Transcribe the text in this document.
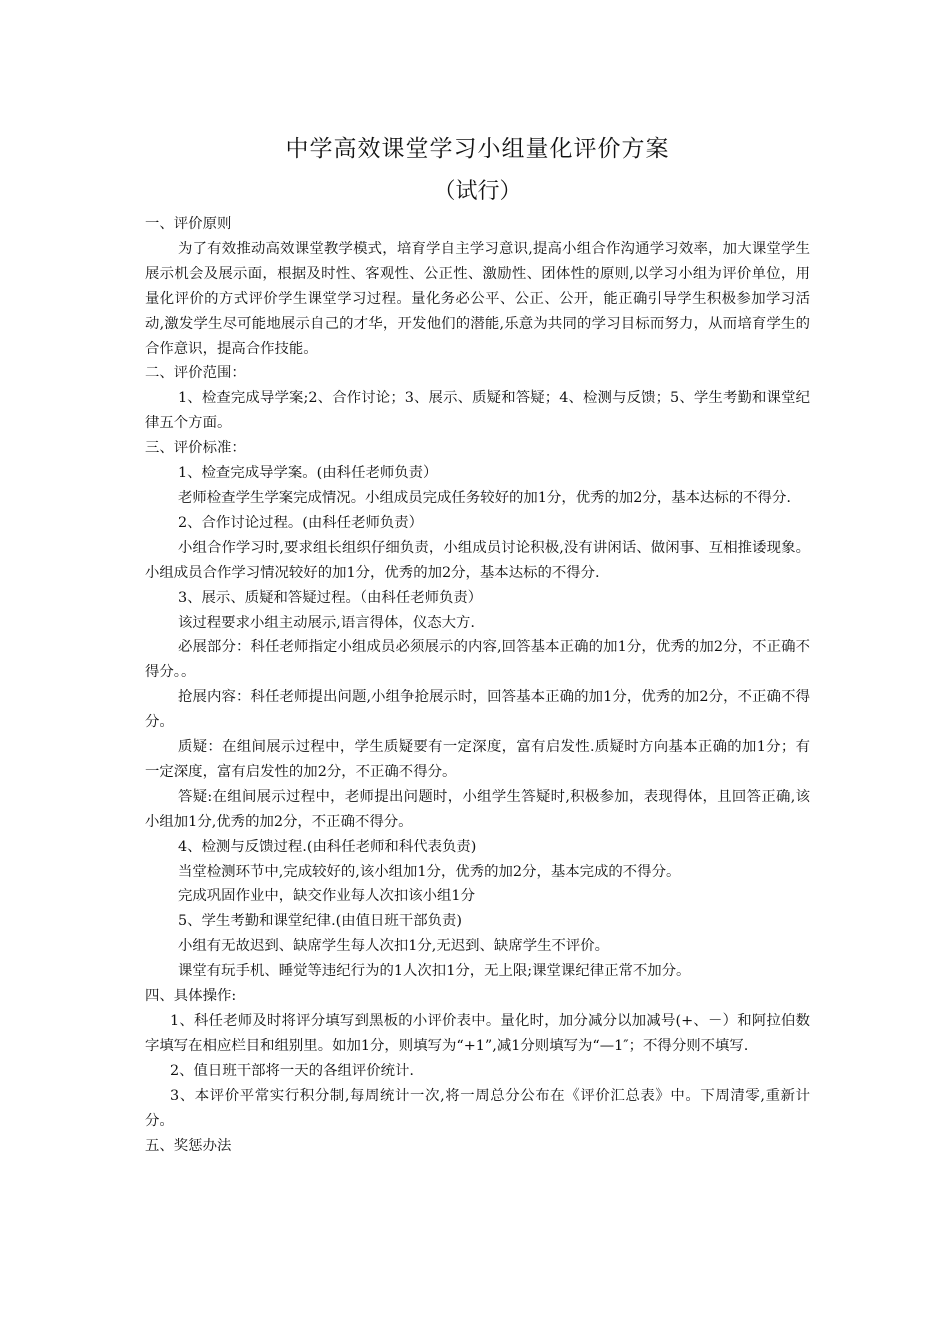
中学高效课堂学习小组量化评价方案
（试行）

一、评价原则

为了有效推动高效课堂教学模式，培育学自主学习意识,提高小组合作沟通学习效率，加大课堂学生展示机会及展示面，根据及时性、客观性、公正性、激励性、团体性的原则,以学习小组为评价单位，用量化评价的方式评价学生课堂学习过程。量化务必公平、公正、公开，能正确引导学生积极参加学习活动,激发学生尽可能地展示自己的才华，开发他们的潜能,乐意为共同的学习目标而努力，从而培育学生的合作意识，提高合作技能。

二、评价范围：

1、检查完成导学案;2、合作讨论；3、展示、质疑和答疑；4、检测与反馈；5、学生考勤和课堂纪律五个方面。

三、评价标准：

1、检查完成导学案。(由科任老师负责）

老师检查学生学案完成情况。小组成员完成任务较好的加1分，优秀的加2分，基本达标的不得分.

2、合作讨论过程。(由科任老师负责）

小组合作学习时,要求组长组织仔细负责，小组成员讨论积极,没有讲闲话、做闲事、互相推诿现象。小组成员合作学习情况较好的加1分，优秀的加2分，基本达标的不得分.

3、展示、质疑和答疑过程。（由科任老师负责）

该过程要求小组主动展示,语言得体，仪态大方.

必展部分：科任老师指定小组成员必须展示的内容,回答基本正确的加1分，优秀的加2分，不正确不得分。。

抢展内容：科任老师提出问题,小组争抢展示时，回答基本正确的加1分，优秀的加2分，不正确不得分。

质疑：在组间展示过程中，学生质疑要有一定深度，富有启发性.质疑时方向基本正确的加1分；有一定深度，富有启发性的加2分，不正确不得分。

答疑:在组间展示过程中，老师提出问题时，小组学生答疑时,积极参加，表现得体，且回答正确,该小组加1分,优秀的加2分，不正确不得分。

4、检测与反馈过程.(由科任老师和科代表负责)

当堂检测环节中,完成较好的,该小组加1分，优秀的加2分，基本完成的不得分。

完成巩固作业中，缺交作业每人次扣该小组1分

5、学生考勤和课堂纪律.(由值日班干部负责)

小组有无故迟到、缺席学生每人次扣1分,无迟到、缺席学生不评价。

课堂有玩手机、睡觉等违纪行为的1人次扣1分，无上限;课堂课纪律正常不加分。

四、具体操作:

1、科任老师及时将评分填写到黑板的小评价表中。量化时，加分减分以加减号(+、－）和阿拉伯数字填写在相应栏目和组别里。如加1分，则填写为“+1”,减1分则填写为“—1″；不得分则不填写.

2、值日班干部将一天的各组评价统计.

3、本评价平常实行积分制,每周统计一次,将一周总分公布在《评价汇总表》中。下周清零,重新计分。

五、奖惩办法
